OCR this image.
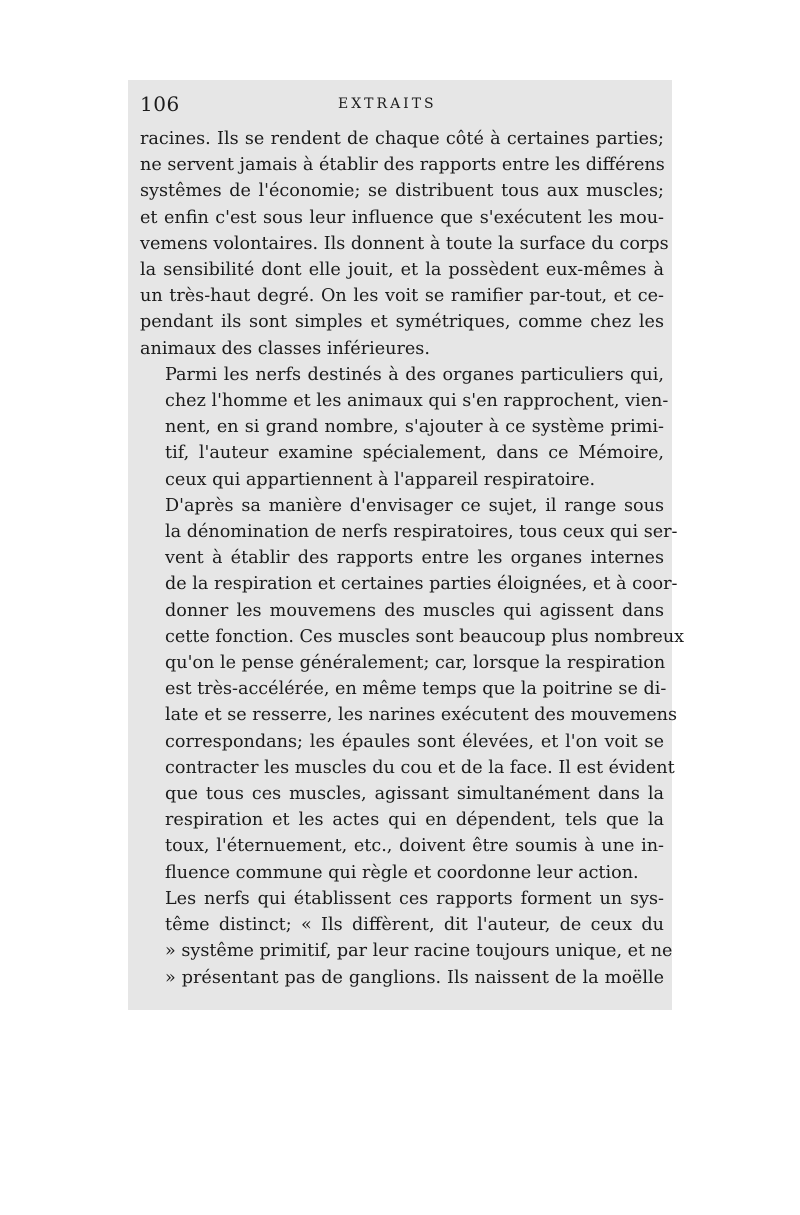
106	EXTRAITS

racines. Ils se rendent de chaque côté à certaines parties;
ne servent jamais à établir des rapports entre les différens
systêmes de l'économie; se distribuent tous aux muscles;
et enfin c'est sous leur influence que s'exécutent les mou-
vemens volontaires. Ils donnent à toute la surface du corps
la sensibilité dont elle jouit, et la possèdent eux-mêmes à
un très-haut degré. On les voit se ramifier par-tout, et ce-
pendant ils sont simples et symétriques, comme chez les
animaux des classes inférieures.

Parmi les nerfs destinés à des organes particuliers qui,
chez l'homme et les animaux qui s'en rapprochent, vien-
nent, en si grand nombre, s'ajouter à ce système primi-
tif, l'auteur examine spécialement, dans ce Mémoire,
ceux qui appartiennent à l'appareil respiratoire.

D'après sa manière d'envisager ce sujet, il range sous
la dénomination de nerfs respiratoires, tous ceux qui ser-
vent à établir des rapports entre les organes internes
de la respiration et certaines parties éloignées, et à coor-
donner les mouvemens des muscles qui agissent dans
cette fonction. Ces muscles sont beaucoup plus nombreux
qu'on le pense généralement; car, lorsque la respiration
est très-accélérée, en même temps que la poitrine se di-
late et se resserre, les narines exécutent des mouvemens
correspondans; les épaules sont élevées, et l'on voit se
contracter les muscles du cou et de la face. Il est évident
que tous ces muscles, agissant simultanément dans la
respiration et les actes qui en dépendent, tels que la
toux, l'éternuement, etc., doivent être soumis à une in-
fluence commune qui règle et coordonne leur action.

Les nerfs qui établissent ces rapports forment un sys-
tême distinct; « Ils diffèrent, dit l'auteur, de ceux du
» systême primitif, par leur racine toujours unique, et ne
» présentant pas de ganglions. Ils naissent de la moëlle
